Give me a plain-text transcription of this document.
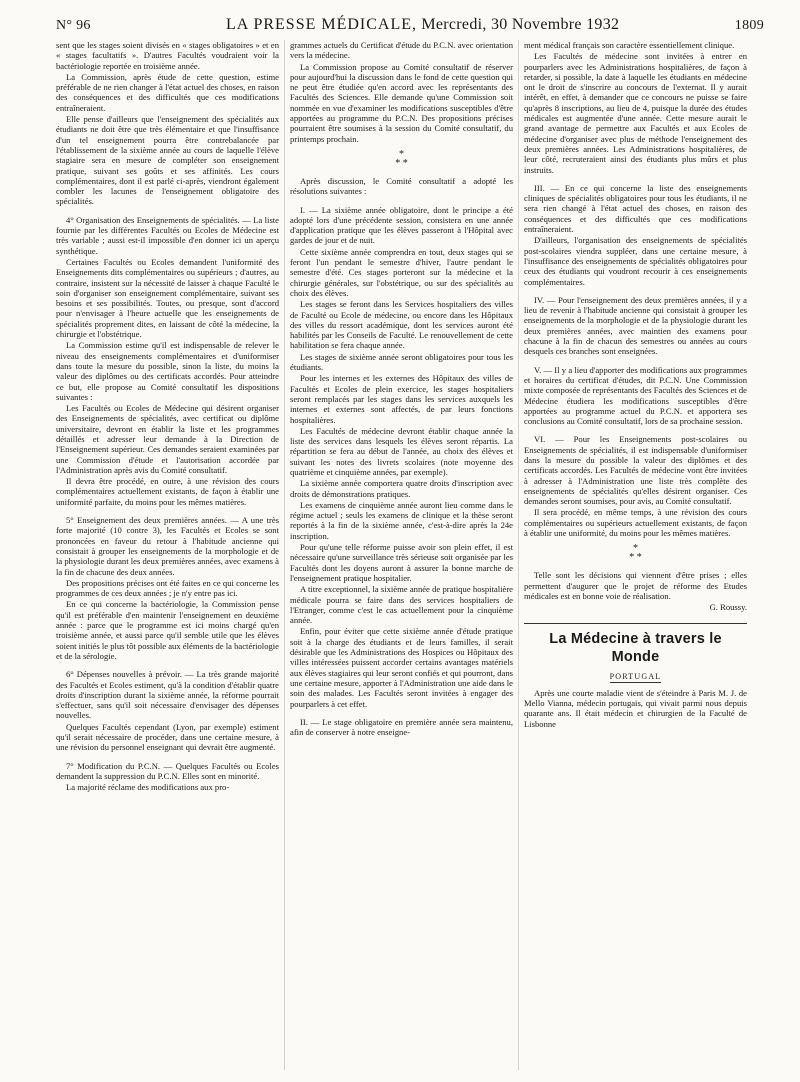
N° 96	LA PRESSE MÉDICALE, Mercredi, 30 Novembre 1932	1809

sent que les stages soient divisés en « stages obligatoires » et en « stages facultatifs ». D'autres Facultés voudraient voir la bactériologie reportée en troisième année.

La Commission, après étude de cette question, estime préférable de ne rien changer à l'état actuel des choses, en raison des conséquences et des difficultés que ces modifications entraîneraient.

Elle pense d'ailleurs que l'enseignement des spécialités aux étudiants ne doit être que très élémentaire et que l'insuffisance d'un tel enseignement pourra être contrebalancée par l'établissement de la sixième année au cours de laquelle l'élève stagiaire sera en mesure de compléter son enseignement pratique, suivant ses goûts et ses affinités. Les cours complémentaires, dont il est parlé ci-après, viendront également combler les lacunes de l'enseignement obligatoire des spécialités.

4° Organisation des Enseignements de spécialités. — La liste fournie par les différentes Facultés ou Ecoles de Médecine est très variable ; aussi est-il impossible d'en donner ici un aperçu synthétique.

Certaines Facultés ou Ecoles demandent l'uniformité des Enseignements dits complémentaires ou supérieurs ; d'autres, au contraire, insistent sur la nécessité de laisser à chaque Faculté le soin d'organiser son enseignement complémentaire, suivant ses besoins et ses possibilités. Toutes, ou presque, sont d'accord pour n'envisager à l'heure actuelle que les enseignements de spécialités proprement dites, en laissant de côté la médecine, la chirurgie et l'obstétrique.

La Commission estime qu'il est indispensable de relever le niveau des enseignements complémentaires et d'uniformiser dans toute la mesure du possible, sinon la liste, du moins la valeur des diplômes ou des certificats accordés. Pour atteindre ce but, elle propose au Comité consultatif les dispositions suivantes :

Les Facultés ou Ecoles de Médecine qui désirent organiser des Enseignements de spécialités, avec certificat ou diplôme universitaire, devront en établir la liste et les programmes détaillés et adresser leur demande à la Direction de l'Enseignement supérieur. Ces demandes seraient examinées par une Commission d'étude et l'autorisation accordée par l'Administration après avis du Comité consultatif.

Il devra être procédé, en outre, à une révision des cours complémentaires actuellement existants, de façon à établir une uniformité parfaite, du moins pour les mêmes matières.

5° Enseignement des deux premières années. — A une très forte majorité (10 contre 3), les Facultés et Ecoles se sont prononcées en faveur du retour à l'habitude ancienne qui consistait à grouper les enseignements de la morphologie et de la physiologie durant les deux premières années, avec examens à la fin de chacune des deux années.

Des propositions précises ont été faites en ce qui concerne les programmes de ces deux années ; je n'y entre pas ici.

En ce qui concerne la bactériologie, la Commission pense qu'il est préférable d'en maintenir l'enseignement en deuxième année : parce que le programme est ici moins chargé qu'en troisième année, et aussi parce qu'il semble utile que les élèves soient initiés le plus tôt possible aux éléments de la bactériologie et de la sérologie.

6° Dépenses nouvelles à prévoir. — La très grande majorité des Facultés et Ecoles estiment, qu'à la condition d'établir quatre droits d'inscription durant la sixième année, la réforme pourrait s'effectuer, sans qu'il soit nécessaire d'envisager des dépenses nouvelles.

Quelques Facultés cependant (Lyon, par exemple) estiment qu'il serait nécessaire de procéder, dans une certaine mesure, à une révision du personnel enseignant qui devrait être augmenté.

7° Modification du P.C.N. — Quelques Facultés ou Ecoles demandent la suppression du P.C.N. Elles sont en minorité.

La majorité réclame des modifications aux pro-

grammes actuels du Certificat d'étude du P.C.N. avec orientation vers la médecine.

La Commission propose au Comité consultatif de réserver pour aujourd'hui la discussion dans le fond de cette question qui ne peut être étudiée qu'en accord avec les représentants des Facultés des Sciences. Elle demande qu'une Commission soit nommée en vue d'examiner les modifications susceptibles d'être apportées au programme du P.C.N. Des propositions précises pourraient être soumises à la session du Comité consultatif, du printemps prochain.

*
* *

Après discussion, le Comité consultatif a adopté les résolutions suivantes :

I. — La sixième année obligatoire, dont le principe a été adopté lors d'une précédente session, consistera en une année d'application pratique que les élèves passeront à l'Hôpital avec gardes de jour et de nuit.

Cette sixième année comprendra en tout, deux stages qui se feront l'un pendant le semestre d'hiver, l'autre pendant le semestre d'été. Ces stages porteront sur la médecine et la chirurgie générales, sur l'obstétrique, ou sur des spécialités au choix des élèves.

Les stages se feront dans les Services hospitaliers des villes de Faculté ou Ecole de médecine, ou encore dans les Hôpitaux des villes du ressort académique, dont les services auront été habilités par les Conseils de Faculté. Le renouvellement de cette habilitation se fera chaque année.

Les stages de sixième année seront obligatoires pour tous les étudiants.

Pour les internes et les externes des Hôpitaux des villes de Facultés et Ecoles de plein exercice, les stages hospitaliers seront remplacés par les stages dans les services auxquels les internes et externes sont affectés, de par leurs fonctions hospitalières.

Les Facultés de médecine devront établir chaque année la liste des services dans lesquels les élèves seront répartis. La répartition se fera au début de l'année, au choix des élèves et suivant les notes des livrets scolaires (note moyenne des quatrième et cinquième années, par exemple).

La sixième année comportera quatre droits d'inscription avec droits de démonstrations pratiques.

Les examens de cinquième année auront lieu comme dans le régime actuel ; seuls les examens de clinique et la thèse seront reportés à la fin de la sixième année, c'est-à-dire après la 24e inscription.

Pour qu'une telle réforme puisse avoir son plein effet, il est nécessaire qu'une surveillance très sérieuse soit organisée par les Facultés dont les doyens auront à assurer la bonne marche de l'enseignement pratique hospitalier.

A titre exceptionnel, la sixième année de pratique hospitalière médicale pourra se faire dans des services hospitaliers de l'Etranger, comme c'est le cas actuellement pour la cinquième année.

Enfin, pour éviter que cette sixième année d'étude pratique soit à la charge des étudiants et de leurs familles, il serait désirable que les Administrations des Hospices ou Hôpitaux des villes intéressées puissent accorder certains avantages matériels aux élèves stagiaires qui leur seront confiés et qui pourront, dans une certaine mesure, apporter à l'Administration une aide dans le soin des malades. Les Facultés seront invitées à engager des pourparlers à cet effet.

II. — Le stage obligatoire en première année sera maintenu, afin de conserver à notre enseigne-

ment médical français son caractère essentiellement clinique.

Les Facultés de médecine sont invitées à entrer en pourparlers avec les Administrations hospitalières, de façon à retarder, si possible, la date à laquelle les étudiants en médecine ont le droit de s'inscrire au concours de l'externat. Il y aurait intérêt, en effet, à demander que ce concours ne puisse se faire qu'après 8 inscriptions, au lieu de 4, puisque la durée des études médicales est augmentée d'une année. Cette mesure aurait le grand avantage de permettre aux Facultés et aux Ecoles de médecine d'organiser avec plus de méthode l'enseignement des deux premières années. Les Administrations hospitalières, de leur côté, recruteraient ainsi des étudiants plus mûrs et plus instruits.

III. — En ce qui concerne la liste des enseignements cliniques de spécialités obligatoires pour tous les étudiants, il ne sera rien changé à l'état actuel des choses, en raison des conséquences et des difficultés que ces modifications entraîneraient.

D'ailleurs, l'organisation des enseignements de spécialités post-scolaires viendra suppléer, dans une certaine mesure, à l'insuffisance des enseignements de spécialités obligatoires pour ceux des étudiants qui voudront recourir à ces enseignements complémentaires.

IV. — Pour l'enseignement des deux premières années, il y a lieu de revenir à l'habitude ancienne qui consistait à grouper les enseignements de la morphologie et de la physiologie durant les deux premières années, avec maintien des examens pour chacune à la fin de chacun des semestres ou années au cours desquels ces branches sont enseignées.

V. — Il y a lieu d'apporter des modifications aux programmes et horaires du certificat d'études, dit P.C.N. Une Commission mixte composée de représentants des Facultés des Sciences et de Médecine étudiera les modifications susceptibles d'être apportées au programme actuel du P.C.N. et apportera ses conclusions au Comité consultatif, lors de sa prochaine session.

VI. — Pour les Enseignements post-scolaires ou Enseignements de spécialités, il est indispensable d'uniformiser dans la mesure du possible la valeur des diplômes et des certificats accordés. Les Facultés de médecine vont être invitées à adresser à l'Administration une liste très complète des enseignements de spécialités qu'elles désirent organiser. Ces demandes seront soumises, pour avis, au Comité consultatif.

Il sera procédé, en même temps, à une révision des cours complémentaires ou supérieurs actuellement existants, de façon à établir une uniformité, du moins pour les mêmes matières.

*
* *

Telle sont les décisions qui viennent d'être prises ; elles permettent d'augurer que le projet de réforme des Etudes médicales est en bonne voie de réalisation.

G. Roussy.

La Médecine à travers le Monde
PORTUGAL

Après une courte maladie vient de s'éteindre à Paris M. J. de Mello Vianna, médecin portugais, qui vivait parmi nous depuis quarante ans. Il était médecin et chirurgien de la Faculté de Lisbonne
